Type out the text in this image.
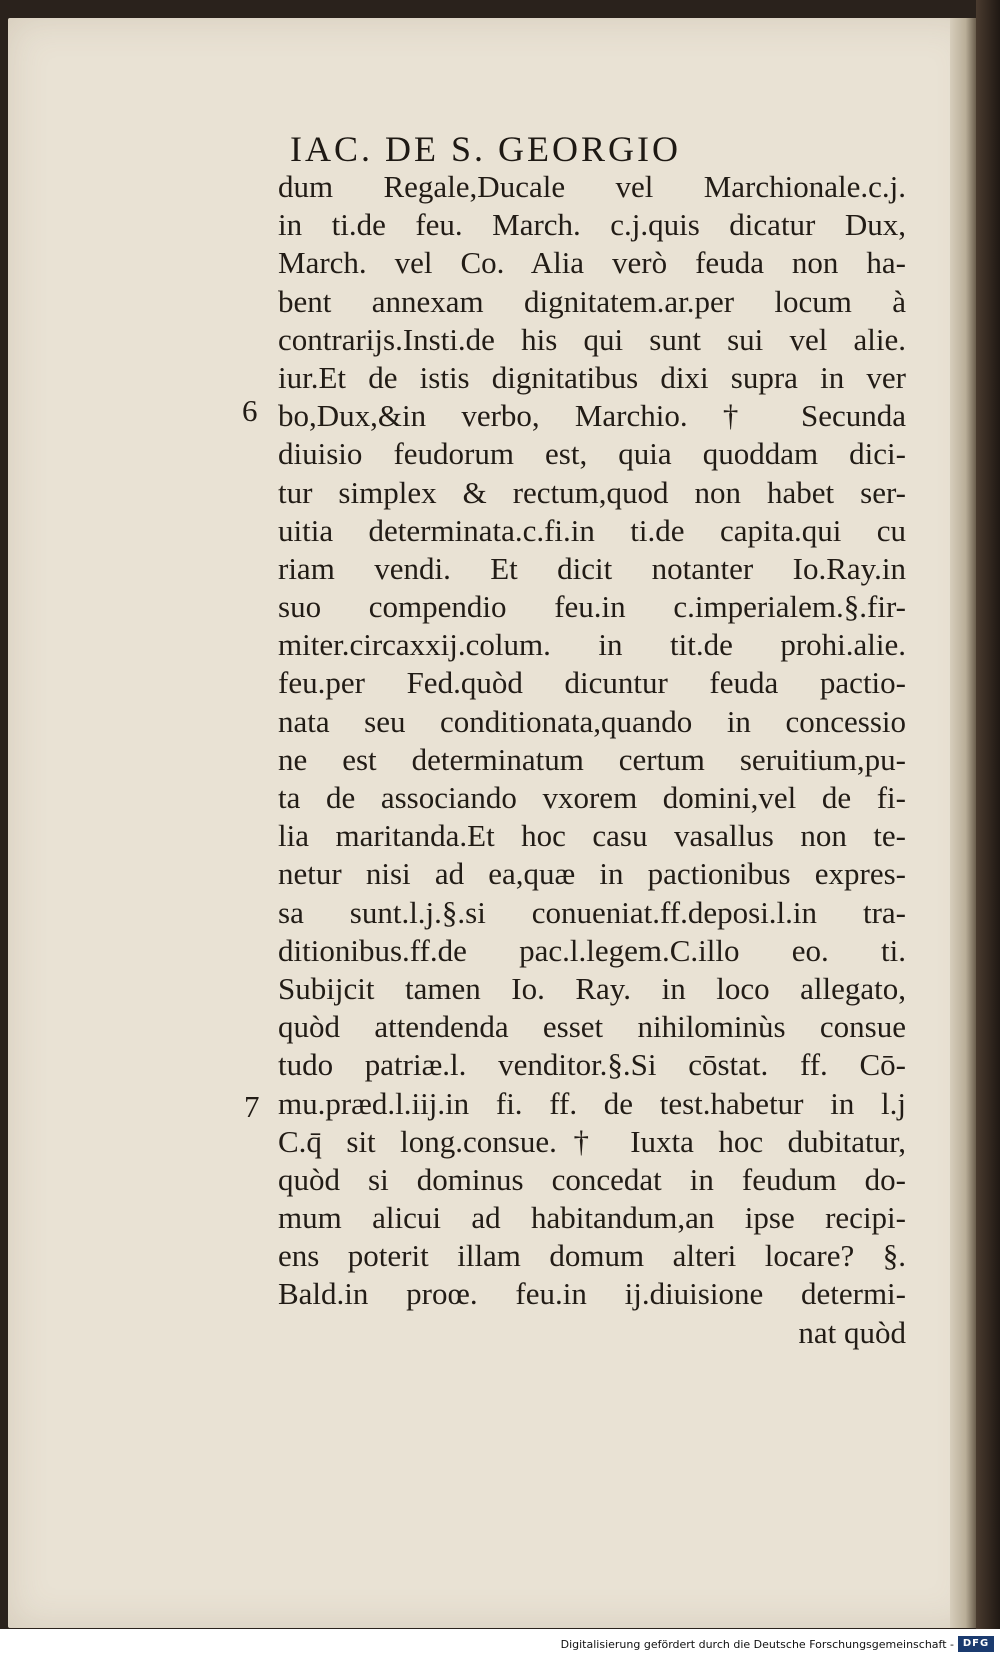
IAC. DE S. GEORGIO
dum Regale,Ducale vel Marchionale.c.j.
in ti.de feu. March. c.j.quis dicatur Dux,
March. vel Co. Alia verò feuda non ha-
bent annexam dignitatem.ar.per locum à
contrarijs.Insti.de his qui sunt sui vel alie.
iur.Et de istis dignitatibus dixi supra in ver
bo,Dux,&in verbo, Marchio. † Secunda
diuisio feudorum est, quia quoddam dici-
tur simplex & rectum,quod non habet ser-
uitia determinata.c.fi.in ti.de capita.qui cu
riam vendi. Et dicit notanter Io.Ray.in
suo compendio feu.in c.imperialem.§.fir-
miter.circaxxij.colum. in tit.de prohi.alie.
feu.per Fed.quòd dicuntur feuda pactio-
nata seu conditionata,quando in concessio
ne est determinatum certum seruitium,pu-
ta de associando vxorem domini,vel de fi-
lia maritanda.Et hoc casu vasallus non te-
netur nisi ad ea,quæ in pactionibus expres-
sa sunt.l.j.§.si conueniat.ff.deposi.l.in tra-
ditionibus.ff.de pac.l.legem.C.illo eo. ti.
Subijcit tamen Io. Ray. in loco allegato,
quòd attendenda esset nihilominùs consue
tudo patriæ.l. venditor.§.Si cōstat. ff. Cō-
mu.præd.l.iij.in fi. ff. de test.habetur in l.j
C.q̄ sit long.consue.† Iuxta hoc dubitatur,
quòd si dominus concedat in feudum do-
mum alicui ad habitandum,an ipse recipi-
ens poterit illam domum alteri locare? §.
Bald.in proœ. feu.in ij.diuisione determi-
nat quòd
6
7
Digitalisierung gefördert durch die Deutsche Forschungsgemeinschaft - DFG
